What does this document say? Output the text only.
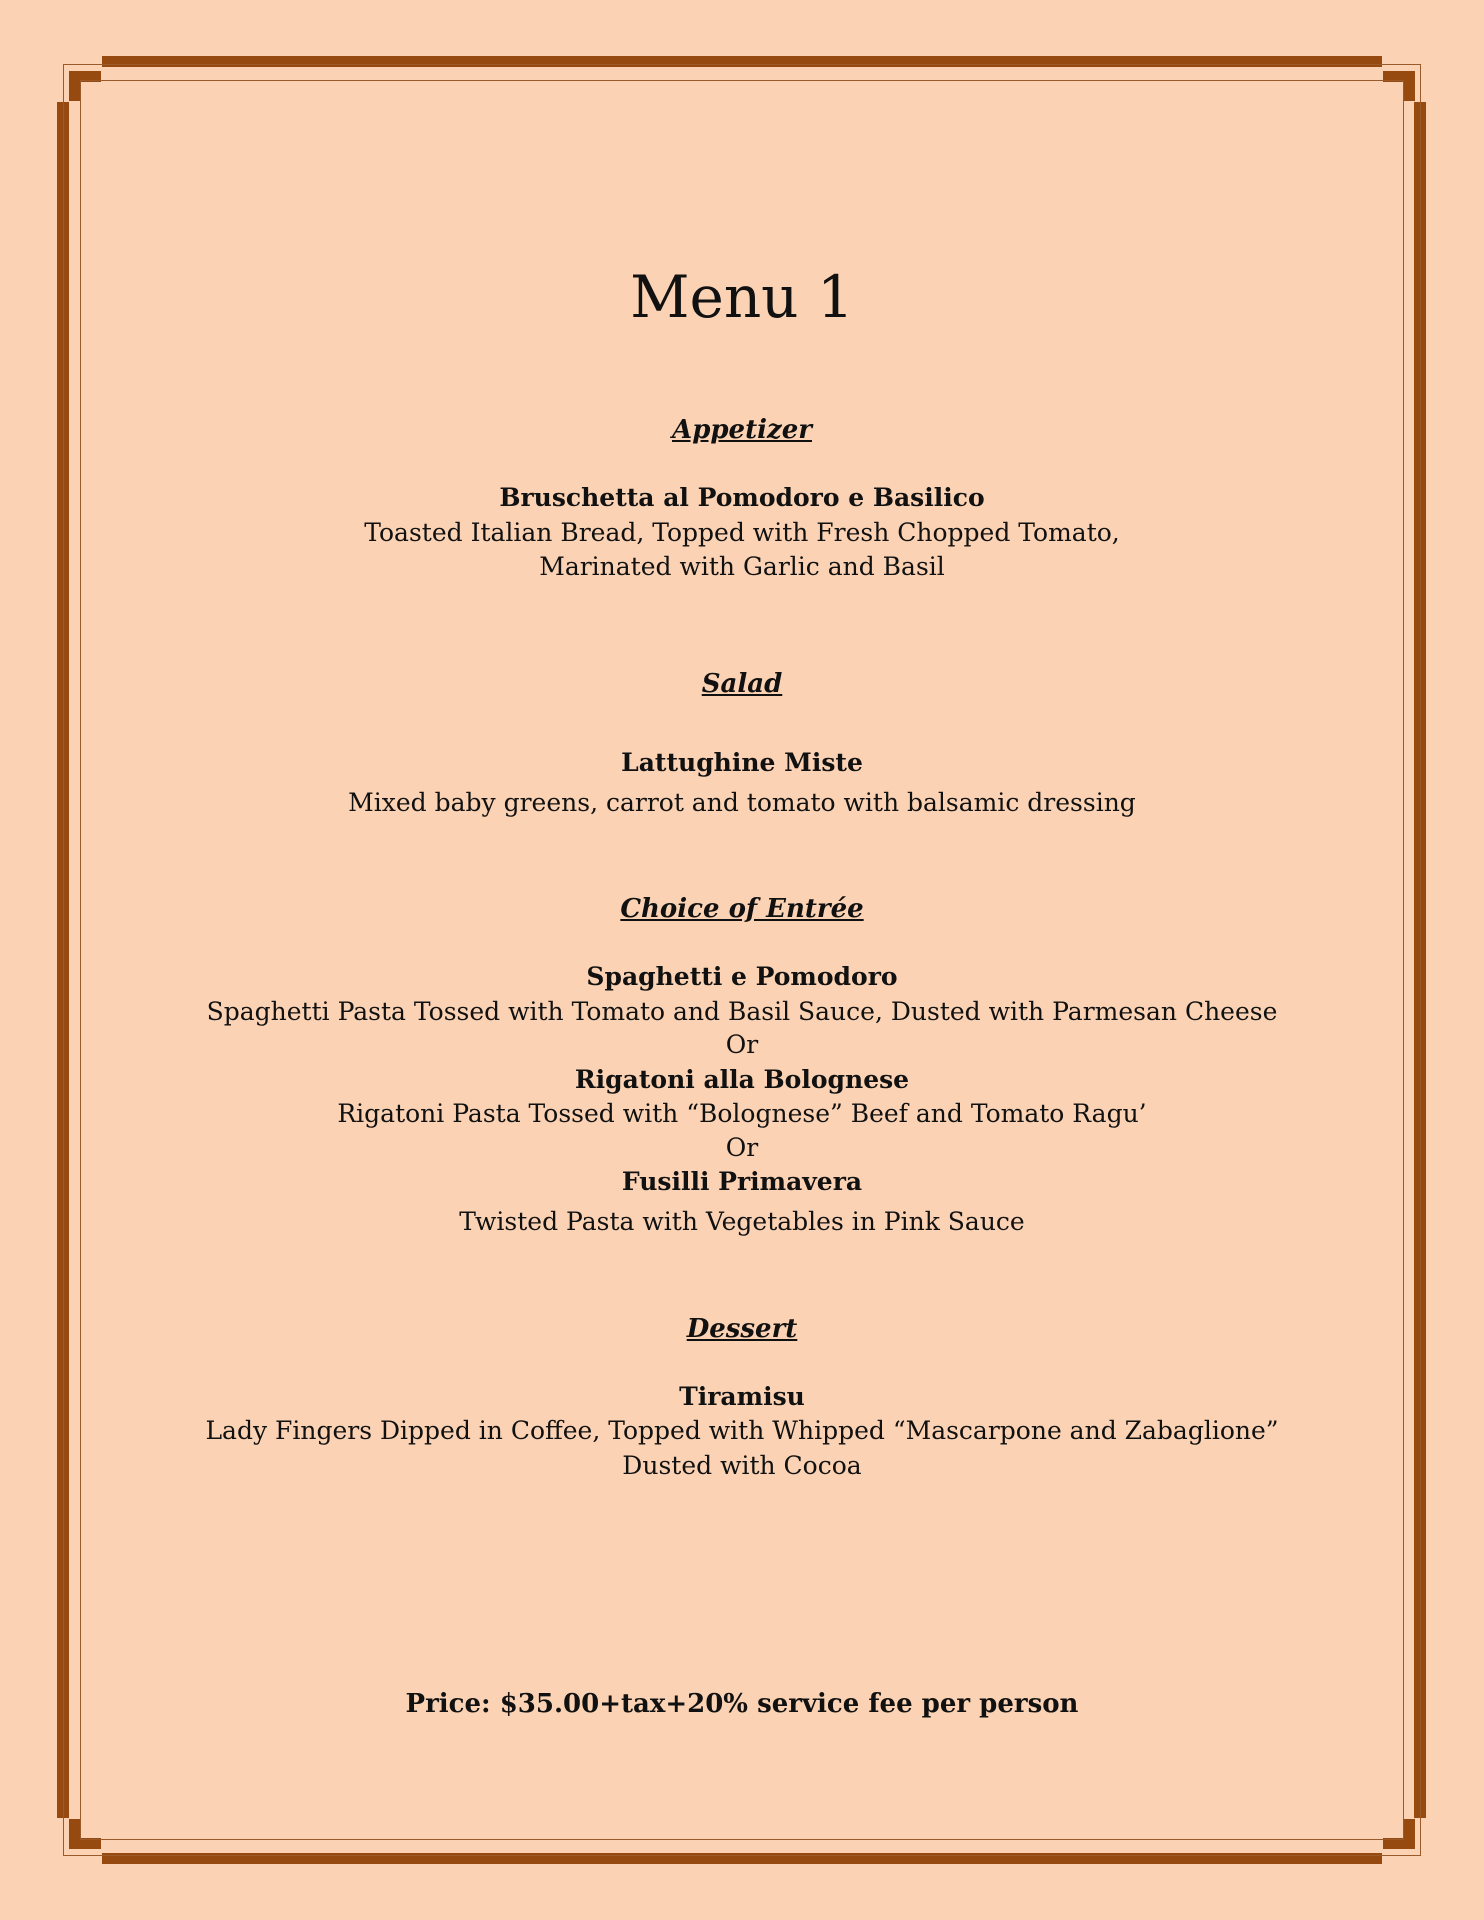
Menu 1
Appetizer
Bruschetta al Pomodoro e Basilico
Toasted Italian Bread, Topped with Fresh Chopped Tomato,
Marinated with Garlic and Basil
Salad
Lattughine Miste
Mixed baby greens, carrot and tomato with balsamic dressing
Choice of Entrée
Spaghetti e Pomodoro
Spaghetti Pasta Tossed with Tomato and Basil Sauce, Dusted with Parmesan Cheese
Or
Rigatoni alla Bolognese
Rigatoni Pasta Tossed with “Bolognese” Beef and Tomato Ragu’
Or
Fusilli Primavera
Twisted Pasta with Vegetables in Pink Sauce
Dessert
Tiramisu
Lady Fingers Dipped in Coffee, Topped with Whipped “Mascarpone and Zabaglione”
Dusted with Cocoa
Price: $35.00+tax+20% service fee per person
